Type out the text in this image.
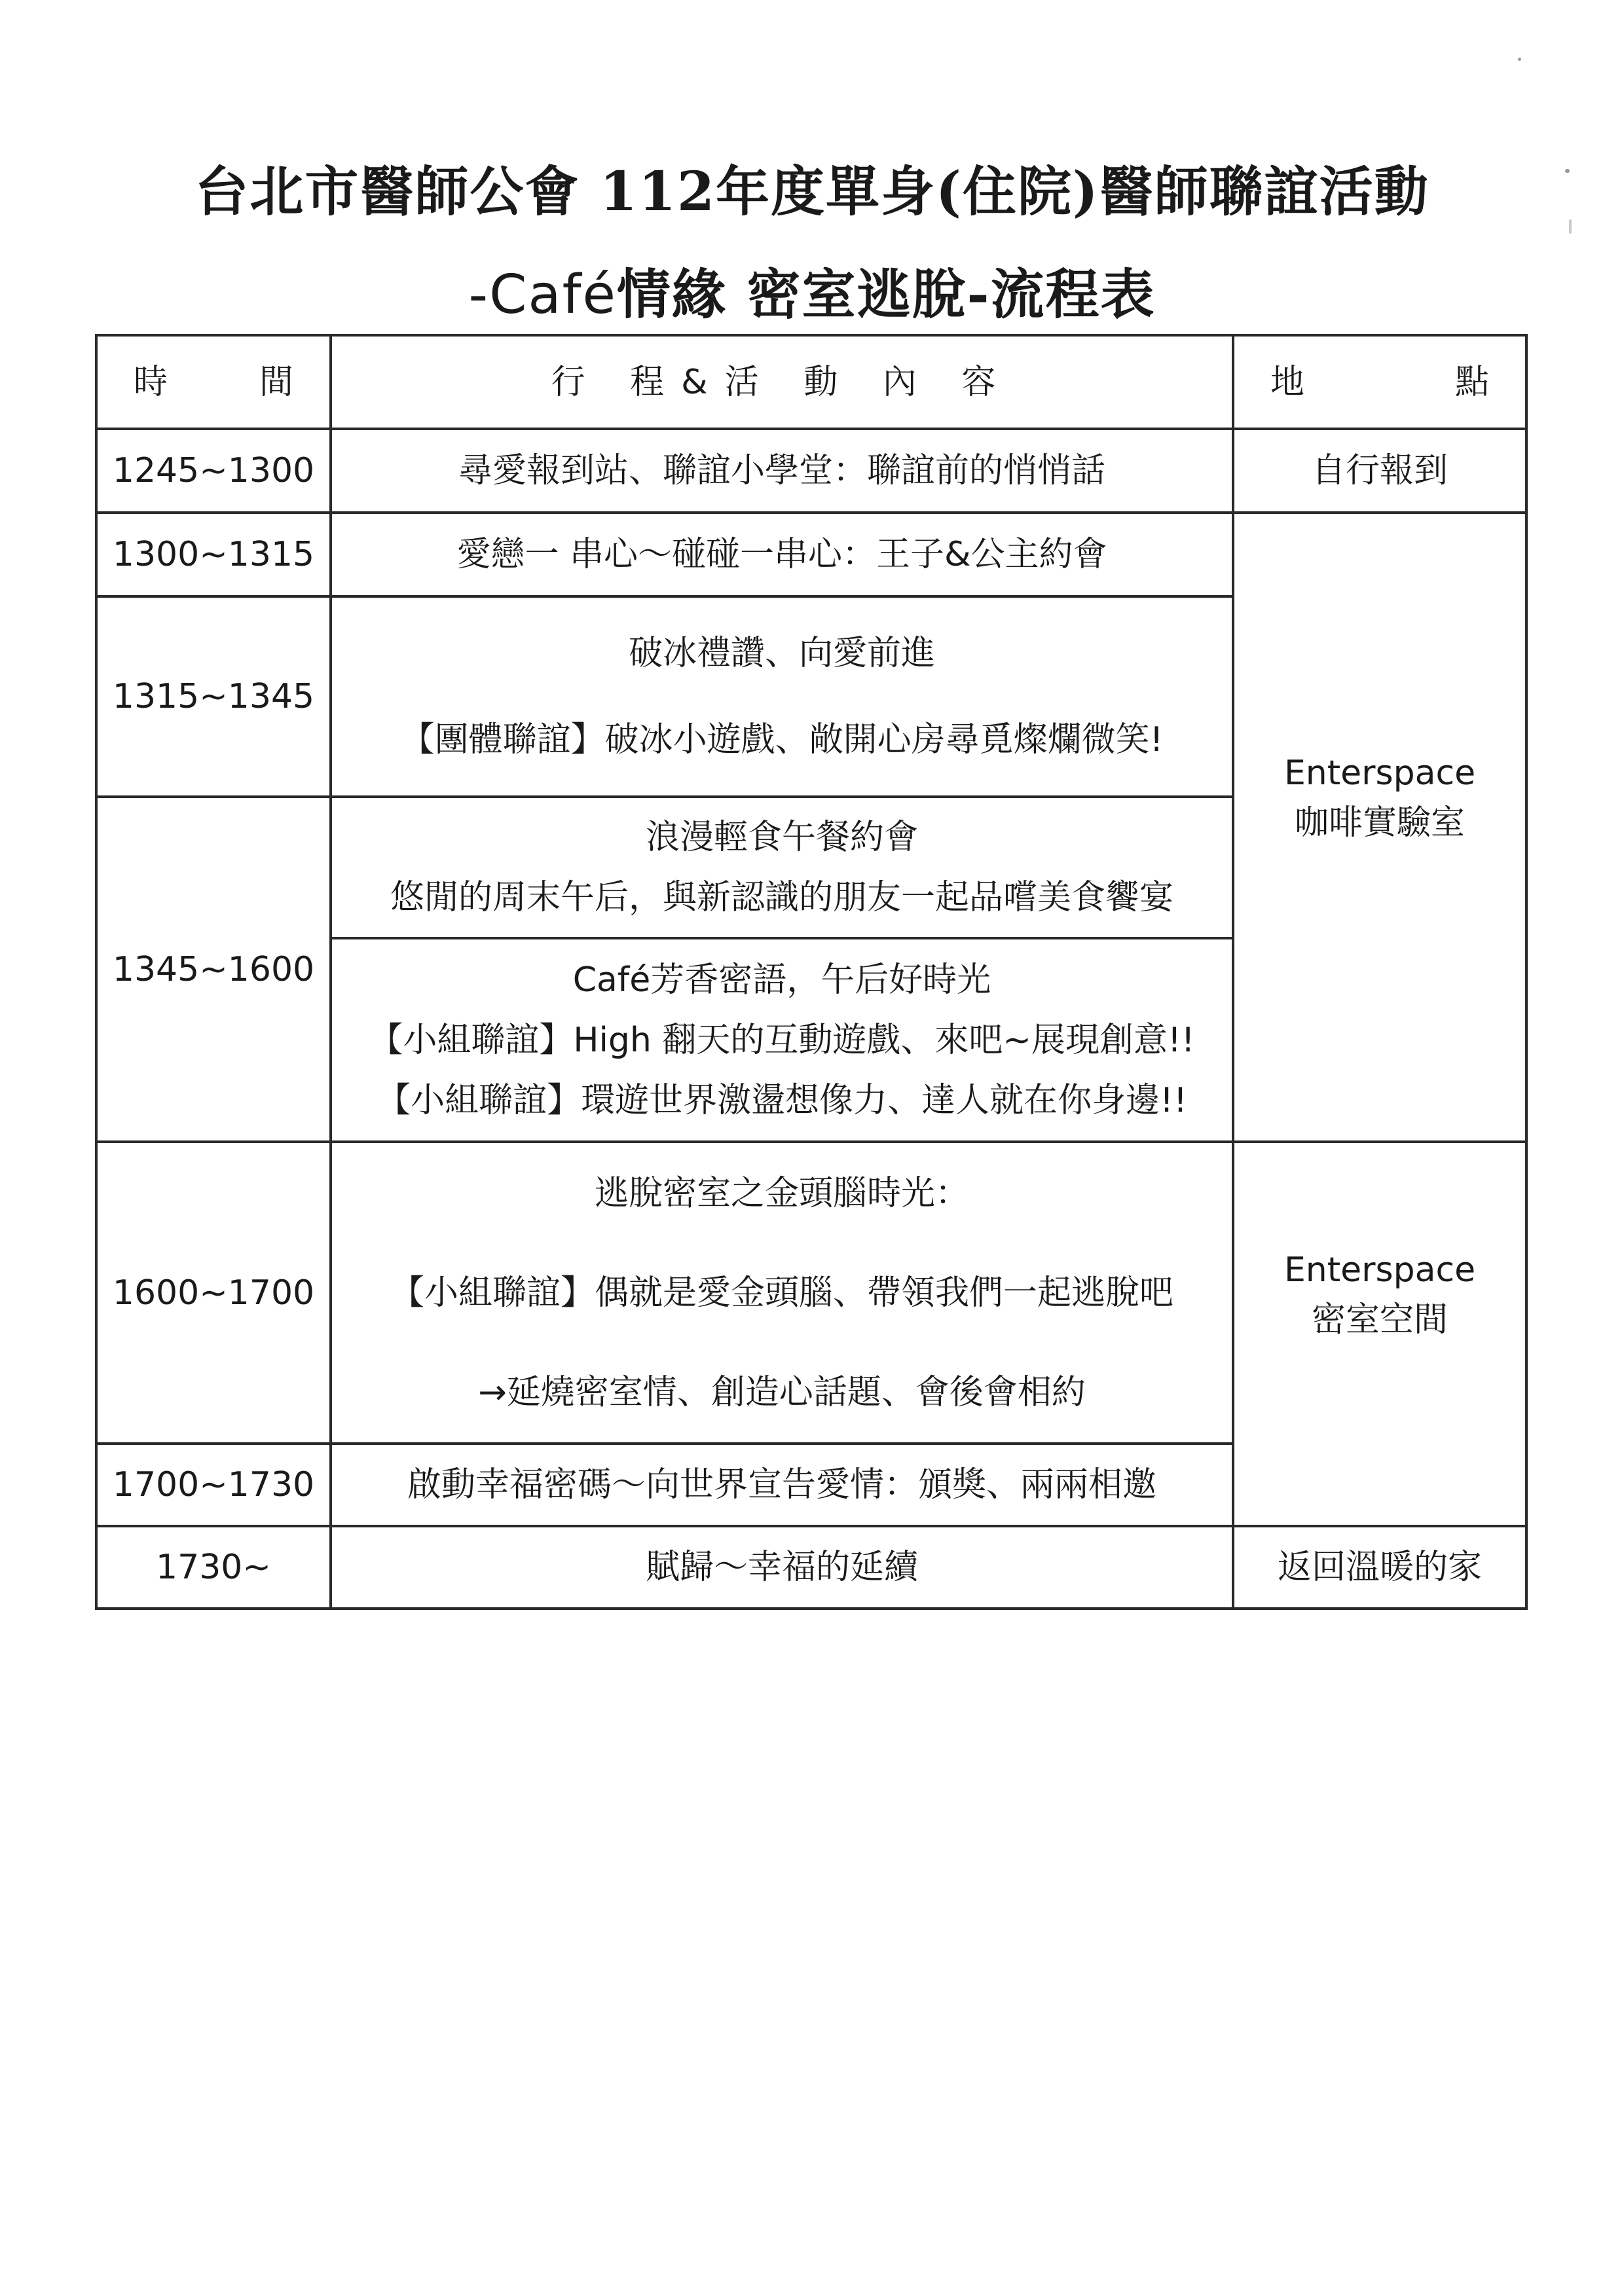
台北市醫師公會 112年度單身(住院)醫師聯誼活動
-Café情緣 密室逃脫-流程表
時 間	行 程&活 動 內 容	地 點

1245~1300	尋愛報到站、聯誼小學堂：聯誼前的悄悄話	自行報到
1300~1315	愛戀一 串心～碰碰一串心：王子&公主約會	Enterspace
咖啡實驗室

1315~1345	破冰禮讚、向愛前進
【團體聯誼】破冰小遊戲、敞開心房尋覓燦爛微笑!	

1345~1600	浪漫輕食午餐約會
悠閒的周末午后，與新認識的朋友一起品嚐美食饗宴	

	Café芳香密語，午后好時光
【小組聯誼】High 翻天的互動遊戲、來吧~展現創意!!
【小組聯誼】環遊世界激盪想像力、達人就在你身邊!!	

1600~1700	逃脫密室之金頭腦時光：
【小組聯誼】偶就是愛金頭腦、帶領我們一起逃脫吧
→延燒密室情、創造心話題、會後會相約	Enterspace
密室空間

1700~1730	啟動幸福密碼～向世界宣告愛情：頒獎、兩兩相邀	
1730~	賦歸～幸福的延續	返回溫暖的家
